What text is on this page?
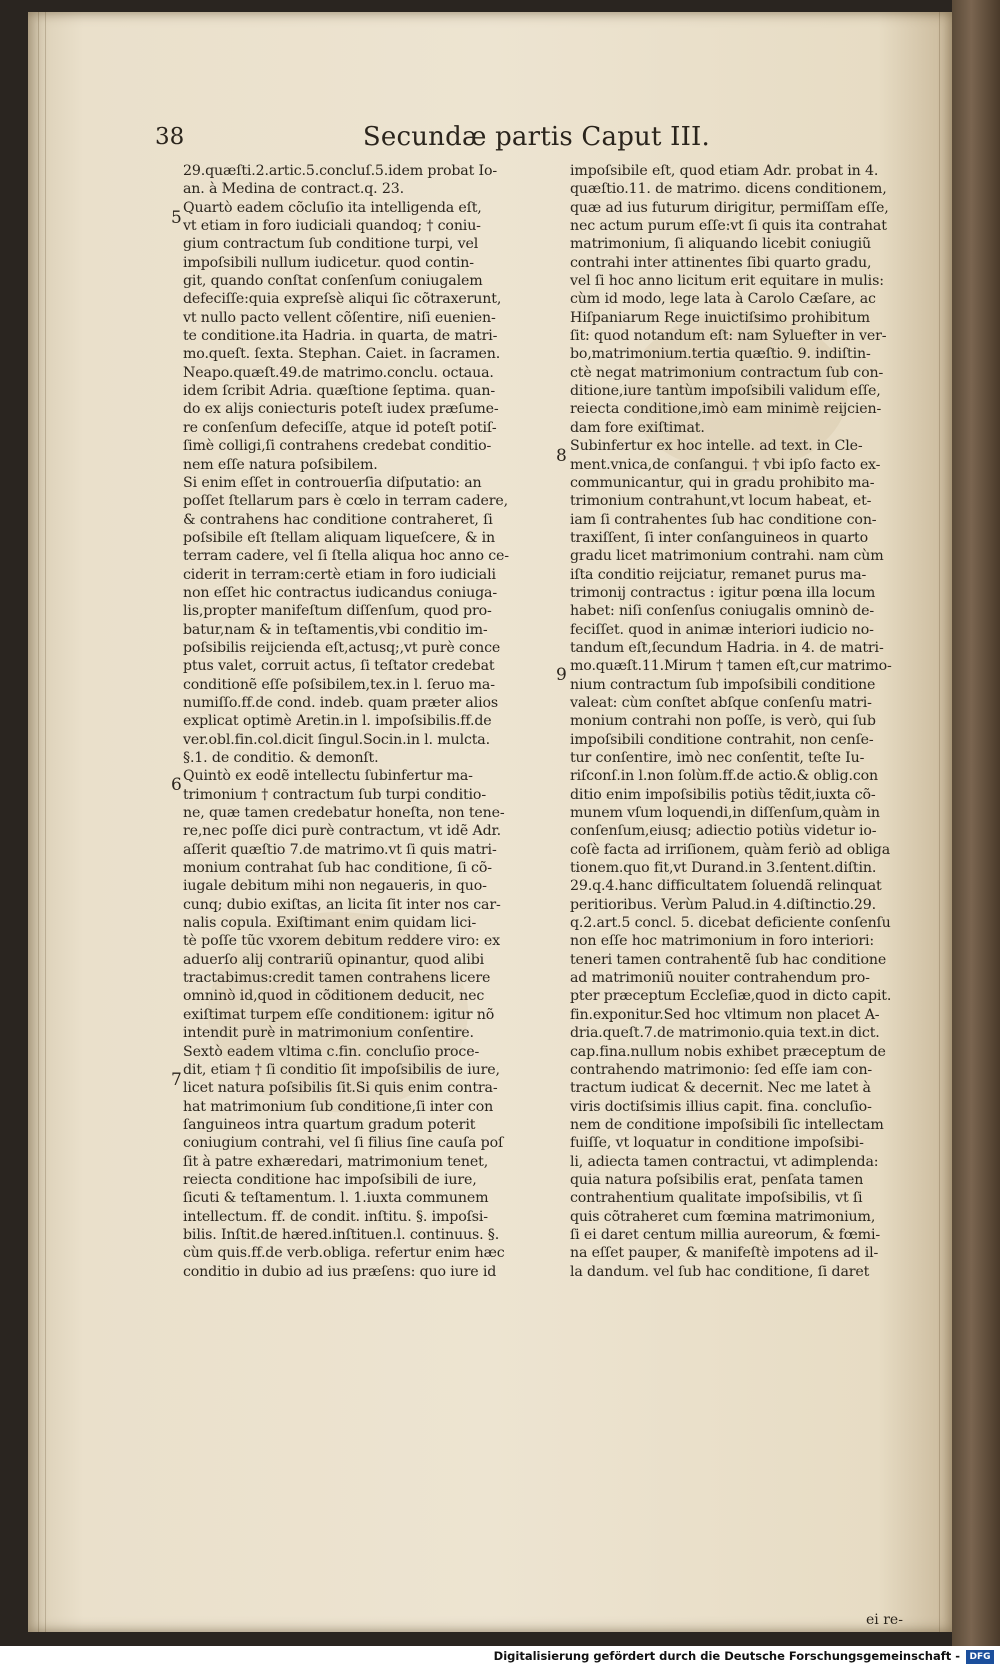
38	Secundæ partis Caput III.
29.quæſti.2.artic.5.concluſ.5.idem probat Io-
an. à Medina de contract.q. 23.
Quartò eadem cõcluſio ita intelligenda eſt,
vt etiam in foro iudiciali quandoq; † coniu-
gium contractum ſub conditione turpi, vel
impoſsibili nullum iudicetur. quod contin-
git, quando conſtat conſenſum coniugalem
defeciſſe:quia expreſsè aliqui ſic cõtraxerunt,
vt nullo pacto vellent cõſentire, niſi euenien-
te conditione.ita Hadria. in quarta, de matri-
mo.queſt. ſexta. Stephan. Caiet. in ſacramen.
Neapo.quæſt.49.de matrimo.conclu. octaua.
idem ſcribit Adria. quæſtione ſeptima. quan-
do ex alijs coniecturis poteſt iudex præſume-
re conſenſum defeciſſe, atque id poteſt potiſ-
ſimè colligi,ſi contrahens credebat conditio-
nem eſſe natura poſsibilem.
Si enim eſſet in controuerſia diſputatio: an
poſſet ſtellarum pars è cœlo in terram cadere,
& contrahens hac conditione contraheret, ſi
poſsibile eſt ſtellam aliquam liqueſcere, & in
terram cadere, vel ſi ſtella aliqua hoc anno ce-
ciderit in terram:certè etiam in foro iudiciali
non eſſet hic contractus iudicandus coniuga-
lis,propter manifeſtum diſſenſum, quod pro-
batur,nam & in teſtamentis,vbi conditio im-
poſsibilis reijcienda eſt,actusq;,vt purè conce
ptus valet, corruit actus, ſi teſtator credebat
conditionẽ eſſe poſsibilem,tex.in l. ſeruo ma-
numiſſo.ff.de cond. indeb. quam præter alios
explicat optimè Aretin.in l. impoſsibilis.ff.de
ver.obl.fin.col.dicit ſingul.Socin.in l. mulcta.
§.1. de conditio. & demonſt.
Quintò ex eodẽ intellectu ſubinfertur ma-
trimonium † contractum ſub turpi conditio-
ne, quæ tamen credebatur honeſta, non tene-
re,nec poſſe dici purè contractum, vt idẽ Adr.
aſſerit quæſtio 7.de matrimo.vt ſi quis matri-
monium contrahat ſub hac conditione, ſi cõ-
iugale debitum mihi non negaueris, in quo-
cunq; dubio exiſtas, an licita ſit inter nos car-
nalis copula. Exiſtimant enim quidam lici-
tè poſſe tũc vxorem debitum reddere viro: ex
aduerſo alij contrariũ opinantur, quod alibi
tractabimus:credit tamen contrahens licere
omninò id,quod in cõditionem deducit, nec
exiſtimat turpem eſſe conditionem: igitur nõ
intendit purè in matrimonium conſentire.
Sextò eadem vltima c.fin. concluſio proce-
dit, etiam † ſi conditio ſit impoſsibilis de iure,
licet natura poſsibilis ſit.Si quis enim contra-
hat matrimonium ſub conditione,ſi inter con
ſanguineos intra quartum gradum poterit
coniugium contrahi, vel ſi filius ſine cauſa poſ
ſit à patre exhæredari, matrimonium tenet,
reiecta conditione hac impoſsibili de iure,
ſicuti & teſtamentum. l. 1.iuxta communem
intellectum. ff. de condit. inſtitu. §. impoſsi-
bilis. Inſtit.de hæred.inſtituen.l. continuus. §.
cùm quis.ff.de verb.obliga. refertur enim hæc
conditio in dubio ad ius præſens: quo iure id
impoſsibile eſt, quod etiam Adr. probat in 4.
quæſtio.11. de matrimo. dicens conditionem,
quæ ad ius futurum dirigitur, permiſſam eſſe,
nec actum purum eſſe:vt ſi quis ita contrahat
matrimonium, ſi aliquando licebit coniugiũ
contrahi inter attinentes ſibi quarto gradu,
vel ſi hoc anno licitum erit equitare in mulis:
cùm id modo, lege lata à Carolo Cæſare, ac
Hiſpaniarum Rege inuictiſsimo prohibitum
ſit: quod notandum eſt: nam Syluefter in ver-
bo,matrimonium.tertia quæſtio. 9. indiſtin-
ctè negat matrimonium contractum ſub con-
ditione,iure tantùm impoſsibili validum eſſe,
reiecta conditione,imò eam minimè reijcien-
dam fore exiſtimat.
Subinfertur ex hoc intelle. ad text. in Cle-
ment.vnica,de conſangui. † vbi ipſo facto ex-
communicantur, qui in gradu prohibito ma-
trimonium contrahunt,vt locum habeat, et-
iam ſi contrahentes ſub hac conditione con-
traxiſſent, ſi inter conſanguineos in quarto
gradu licet matrimonium contrahi. nam cùm
iſta conditio reijciatur, remanet purus ma-
trimonij contractus : igitur pœna illa locum
habet: niſi conſenſus coniugalis omninò de-
feciſſet. quod in animæ interiori iudicio no-
tandum eſt,ſecundum Hadria. in 4. de matri-
mo.quæſt.11.Mirum † tamen eſt,cur matrimo-
nium contractum ſub impoſsibili conditione
valeat: cùm conſtet abſque conſenſu matri-
monium contrahi non poſſe, is verò, qui ſub
impoſsibili conditione contrahit, non cenſe-
tur conſentire, imò nec conſentit, teſte Iu-
riſconſ.in l.non ſolùm.ff.de actio.& oblig.con
ditio enim impoſsibilis potiùs tẽdit,iuxta cõ-
munem vſum loquendi,in diſſenſum,quàm in
conſenſum,eiusq; adiectio potiùs videtur io-
coſè facta ad irriſionem, quàm feriò ad obliga
tionem.quo fit,vt Durand.in 3.ſentent.diſtin.
29.q.4.hanc difficultatem ſoluendã relinquat
peritioribus. Verùm Palud.in 4.diſtinctio.29.
q.2.art.5 concl. 5. dicebat deficiente conſenſu
non eſſe hoc matrimonium in foro interiori:
teneri tamen contrahentẽ ſub hac conditione
ad matrimoniũ nouiter contrahendum pro-
pter præceptum Eccleſiæ,quod in dicto capit.
fin.exponitur.Sed hoc vltimum non placet A-
dria.queſt.7.de matrimonio.quia text.in dict.
cap.fina.nullum nobis exhibet præceptum de
contrahendo matrimonio: ſed eſſe iam con-
tractum iudicat & decernit. Nec me latet à
viris doctiſsimis illius capit. fina. concluſio-
nem de conditione impoſsibili ſic intellectam
fuiſſe, vt loquatur in conditione impoſsibi-
li, adiecta tamen contractui, vt adimplenda:
quia natura poſsibilis erat, penſata tamen
contrahentium qualitate impoſsibilis, vt ſi
quis cõtraheret cum fœmina matrimonium,
ſi ei daret centum millia aureorum, & fœmi-
na eſſet pauper, & manifeſtè impotens ad il-
la dandum. vel ſub hac conditione, ſi daret
5
6
7
8
9
ei re-
Digitalisierung gefördert durch die Deutsche Forschungsgemeinschaft -	DFG
